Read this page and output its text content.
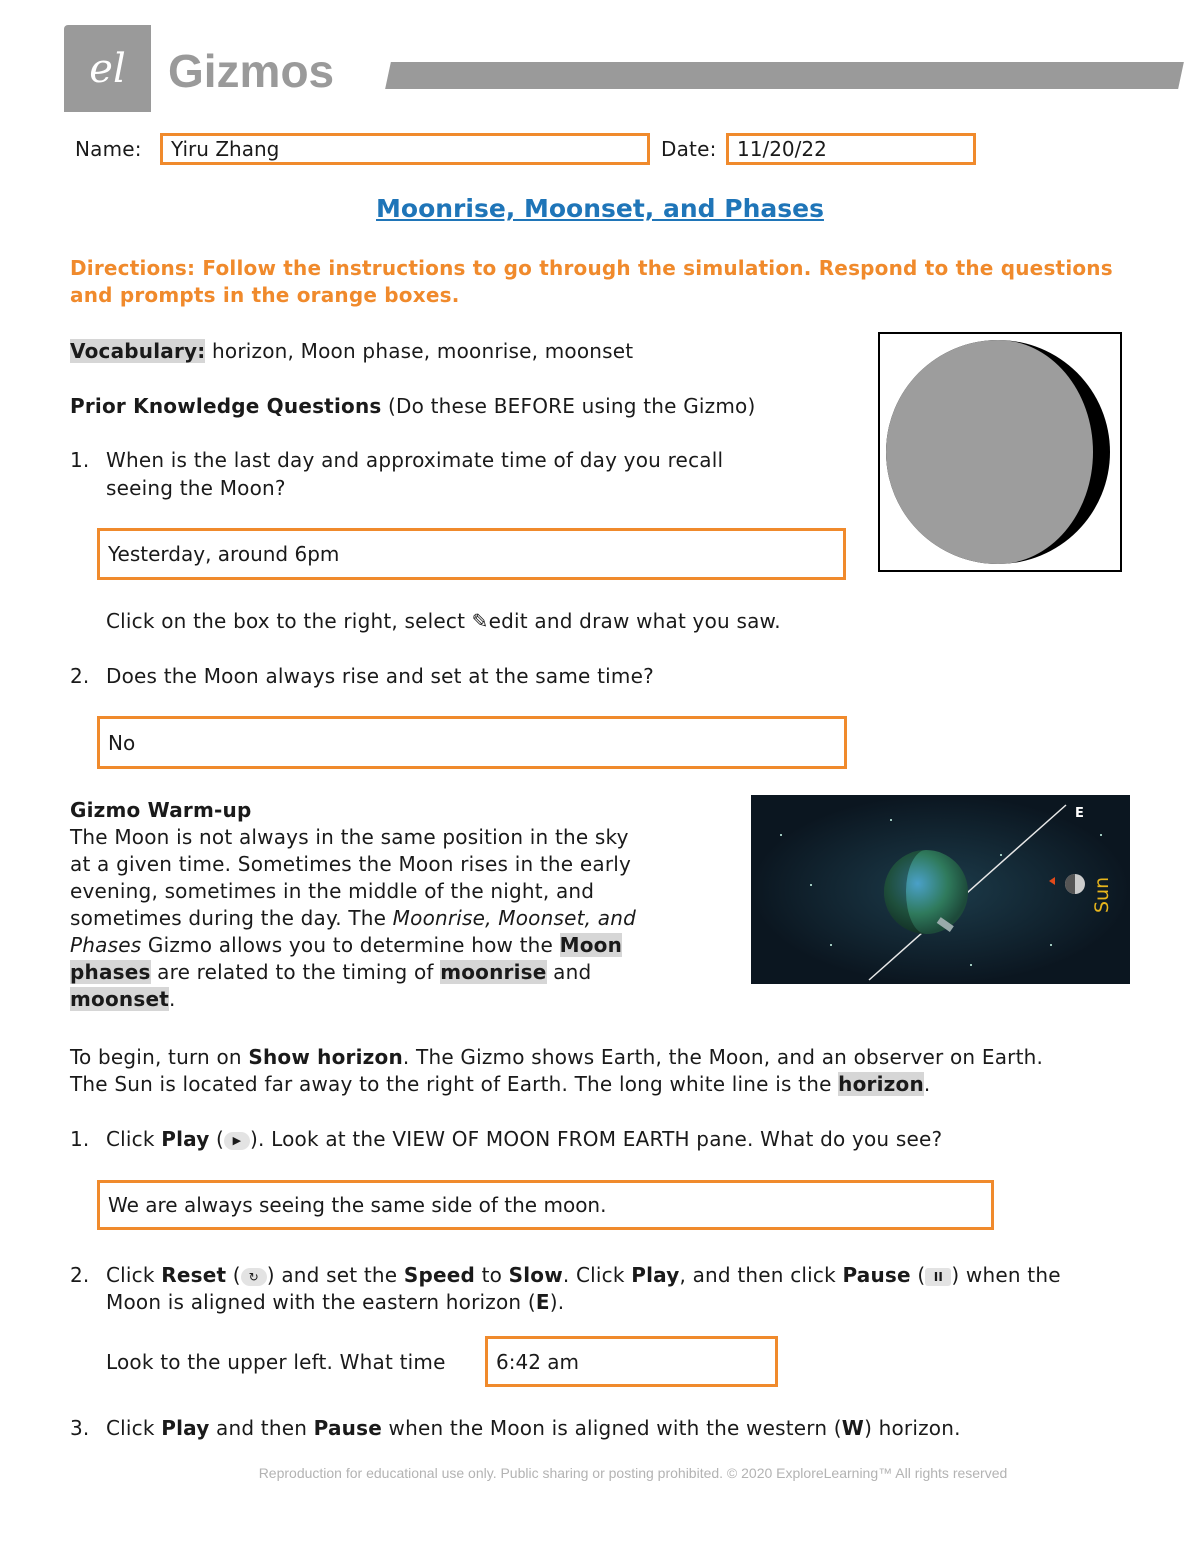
el Gizmos
Name:	Yiru Zhang	Date:	11/20/22
Moonrise, Moonset, and Phases
Directions: Follow the instructions to go through the simulation. Respond to the questions and prompts in the orange boxes.
Vocabulary: horizon, Moon phase, moonrise, moonset
Prior Knowledge Questions (Do these BEFORE using the Gizmo)
1. When is the last day and approximate time of day you recall
seeing the Moon?
Yesterday, around 6pm
Click on the box to the right, select ✎edit and draw what you saw.
2. Does the Moon always rise and set at the same time?
No
Gizmo Warm-up
The Moon is not always in the same position in the sky
at a given time. Sometimes the Moon rises in the early
evening, sometimes in the middle of the night, and
sometimes during the day. The Moonrise, Moonset, and
Phases Gizmo allows you to determine how the Moon
phases are related to the timing of moonrise and
moonset.
E
Sun
To begin, turn on Show horizon. The Gizmo shows Earth, the Moon, and an observer on Earth.
The Sun is located far away to the right of Earth. The long white line is the horizon.
1. Click Play ( ▶ ). Look at the VIEW OF MOON FROM EARTH pane. What do you see?
We are always seeing the same side of the moon.
2. Click Reset ( ↻ ) and set the Speed to Slow. Click Play, and then click Pause ( II ) when the
Moon is aligned with the eastern horizon (E).
Look to the upper left. What time	6:42 am
3. Click Play and then Pause when the Moon is aligned with the western (W) horizon.
Reproduction for educational use only. Public sharing or posting prohibited. © 2020 ExploreLearning™ All rights reserved
